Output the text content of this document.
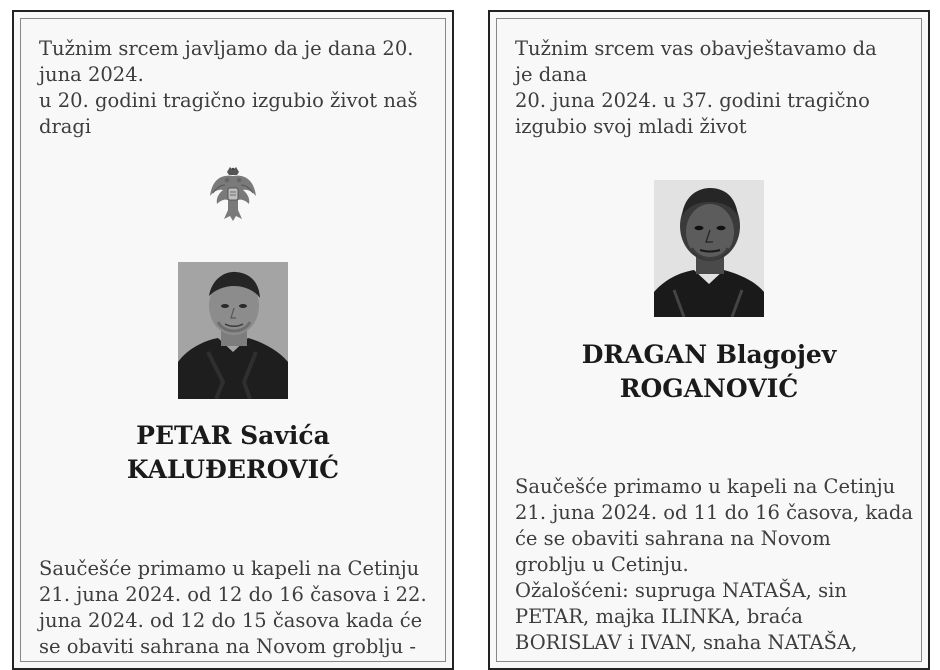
Tužnim srcem javljamo da je dana 20.
juna 2024.
u 20. godini tragično izgubio život naš
dragi

PETAR Savića

KALUĐEROVIĆ

Saučešće primamo u kapeli na Cetinju
21. juna 2024. od 12 do 16 časova i 22.
juna 2024. od 12 do 15 časova kada će
se obaviti sahrana na Novom groblju -

Tužnim srcem vas obavještavamo da
je dana
20. juna 2024. u 37. godini tragično
izgubio svoj mladi život

DRAGAN Blagojev

ROGANOVIĆ

Saučešće primamo u kapeli na Cetinju
21. juna 2024. od 11 do 16 časova, kada
će se obaviti sahrana na Novom
groblju u Cetinju.
Ožalošćeni: supruga NATAŠA, sin
PETAR, majka ILINKA, braća
BORISLAV i IVAN, snaha NATAŠA,
